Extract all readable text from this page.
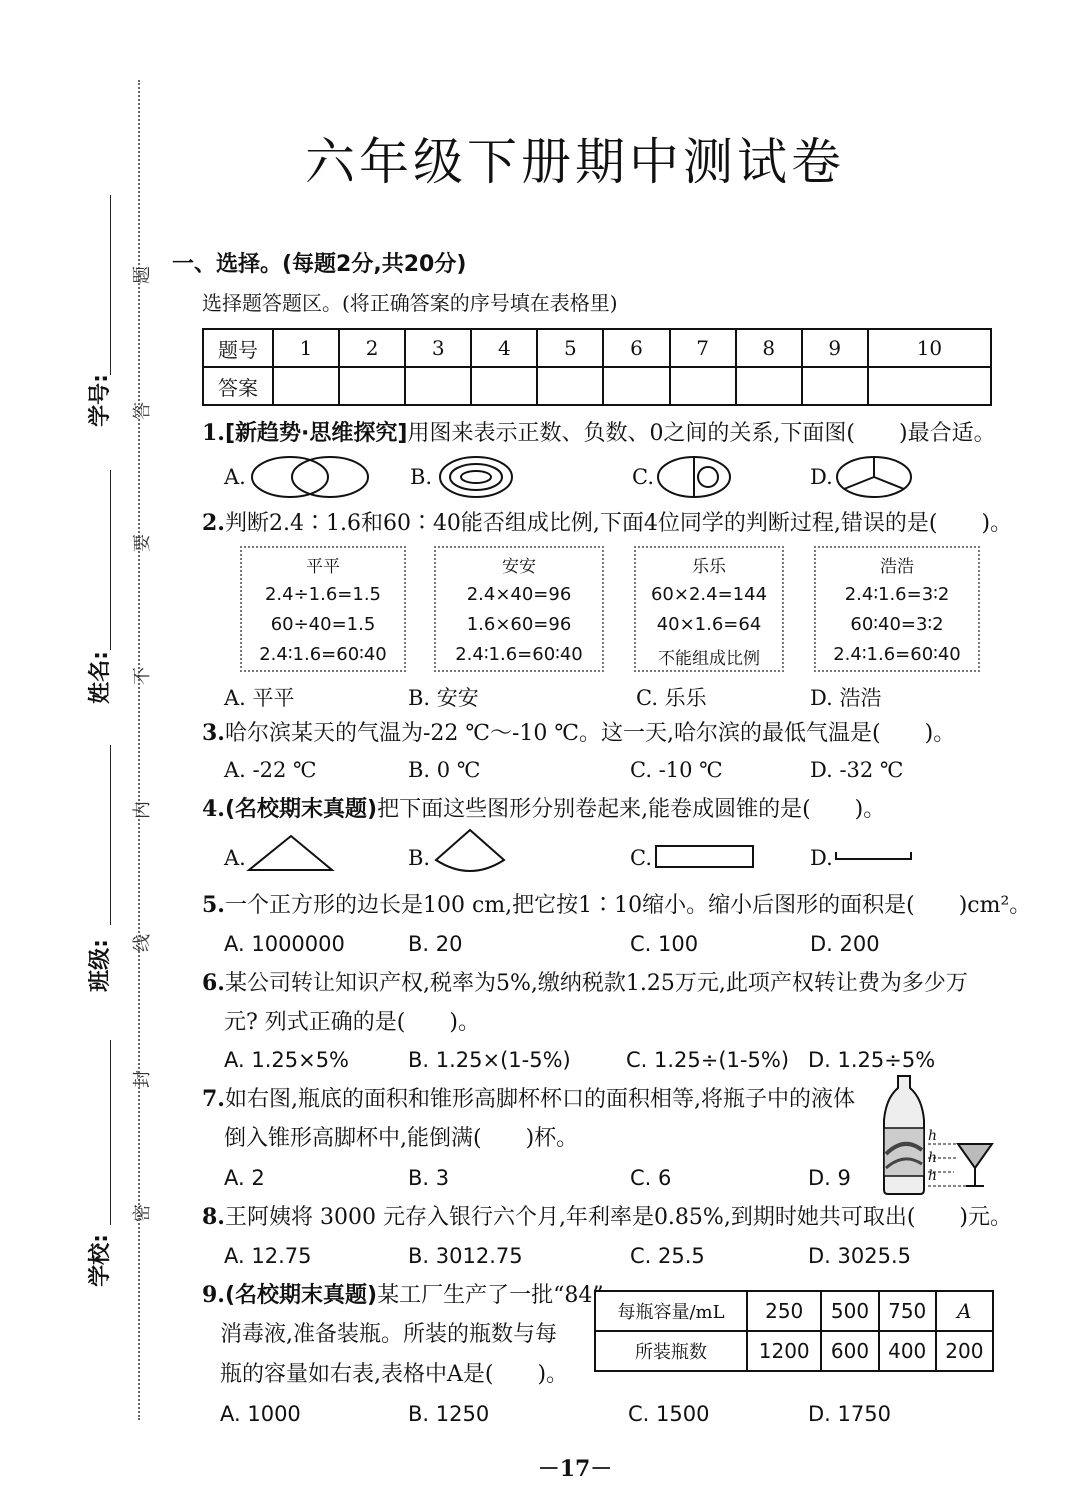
学号:
姓名:
班级:
学校:
题
答
要
不
内
线
封
密
六年级下册期中测试卷
一、选择。(每题2分,共20分)
选择题答题区。(将正确答案的序号填在表格里)
题号	1	2	3	4	5	6	7	8	9	10
答案										
1.[新趋势·思维探究]用图来表示正数、负数、0之间的关系,下面图(　　)最合适。
A.	B.	C.	D.
2.判断2.4∶1.6和60∶40能否组成比例,下面4位同学的判断过程,错误的是(　　)。
平平
2.4÷1.6=1.5
60÷40=1.5
2.4∶1.6=60∶40
安安
2.4×40=96
1.6×60=96
2.4∶1.6=60∶40
乐乐
60×2.4=144
40×1.6=64
不能组成比例
浩浩
2.4∶1.6=3∶2
60∶40=3∶2
2.4∶1.6=60∶40
A. 平平	B. 安安	C. 乐乐	D. 浩浩
3.哈尔滨某天的气温为-22 ℃～-10 ℃。这一天,哈尔滨的最低气温是(　　)。
A. -22 ℃	B. 0 ℃	C. -10 ℃	D. -32 ℃
4.(名校期末真题)把下面这些图形分别卷起来,能卷成圆锥的是(　　)。
A.	B.	C.	D.
5.一个正方形的边长是100 cm,把它按1∶10缩小。缩小后图形的面积是(　　)cm²。
A. 1000000	B. 20	C. 100	D. 200
6.某公司转让知识产权,税率为5%,缴纳税款1.25万元,此项产权转让费为多少万
元? 列式正确的是(　　)。
A. 1.25×5%	B. 1.25×(1-5%)	C. 1.25÷(1-5%) D. 1.25÷5%
7.如右图,瓶底的面积和锥形高脚杯杯口的面积相等,将瓶子中的液体
倒入锥形高脚杯中,能倒满(　　)杯。
A. 2	B. 3	C. 6	D. 9
h
h
h
8.王阿姨将 3000 元存入银行六个月,年利率是0.85%,到期时她共可取出(　　)元。
A. 12.75	B. 3012.75	C. 25.5	D. 3025.5
9.(名校期末真题)某工厂生产了一批“84”
消毒液,准备装瓶。所装的瓶数与每
瓶的容量如右表,表格中A是(　　)。
每瓶容量/mL	250	500	750	A
所装瓶数	1200	600	400	200
A. 1000	B. 1250	C. 1500	D. 1750
－17－
